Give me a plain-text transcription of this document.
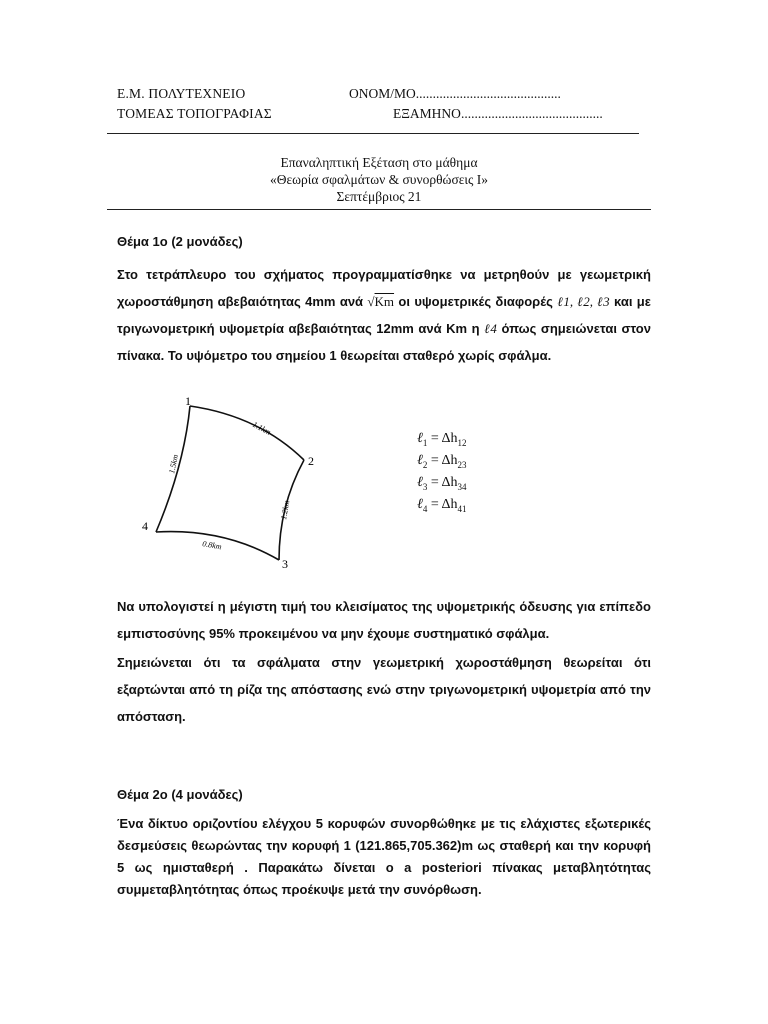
Ε.Μ. ΠΟΛΥΤΕΧΝΕΙΟ	ΟΝΟΜ/ΜΟ...........................................
ΤΟΜΕΑΣ ΤΟΠΟΓΡΑΦΙΑΣ	ΕΞΑΜΗΝΟ..........................................
Επαναληπτική Εξέταση στο μάθημα
«Θεωρία σφαλμάτων & συνορθώσεις Ι»
Σεπτέμβριος 21
Θέμα 1ο (2 μονάδες)
Στο τετράπλευρο του σχήματος προγραμματίσθηκε να μετρηθούν με γεωμετρική χωροστάθμηση αβεβαιότητας 4mm ανά √Km οι υψομετρικές διαφορές ℓ1, ℓ2, ℓ3 και με τριγωνομετρική υψομετρία αβεβαιότητας 12mm ανά Km η ℓ4 όπως σημειώνεται στον πίνακα. Το υψόμετρο του σημείου 1 θεωρείται σταθερό χωρίς σφάλμα.
1
2
3
4
1.1km
1.2km
0.8km
1.5km
ℓ$_1$ = $\Delta h_{12}$
ℓ$_2$ = $\Delta h_{23}$
ℓ$_3$ = $\Delta h_{34}$
ℓ$_4$ = $\Delta h_{41}$
Να υπολογιστεί η μέγιστη τιμή του κλεισίματος της υψομετρικής όδευσης για επίπεδο εμπιστοσύνης 95% προκειμένου να μην έχουμε συστηματικό σφάλμα.
Σημειώνεται ότι τα σφάλματα στην γεωμετρική χωροστάθμηση θεωρείται ότι εξαρτώνται από τη ρίζα της απόστασης ενώ στην τριγωνομετρική υψομετρία από την απόσταση.
Θέμα 2ο (4 μονάδες)
Ένα δίκτυο οριζοντίου ελέγχου 5 κορυφών συνορθώθηκε με τις ελάχιστες εξωτερικές δεσμεύσεις θεωρώντας την κορυφή 1 (121.865,705.362)m ως σταθερή και την κορυφή 5 ως ημισταθερή . Παρακάτω δίνεται ο a posteriori πίνακας μεταβλητότητας συμμεταβλητότητας όπως προέκυψε μετά την συνόρθωση.
